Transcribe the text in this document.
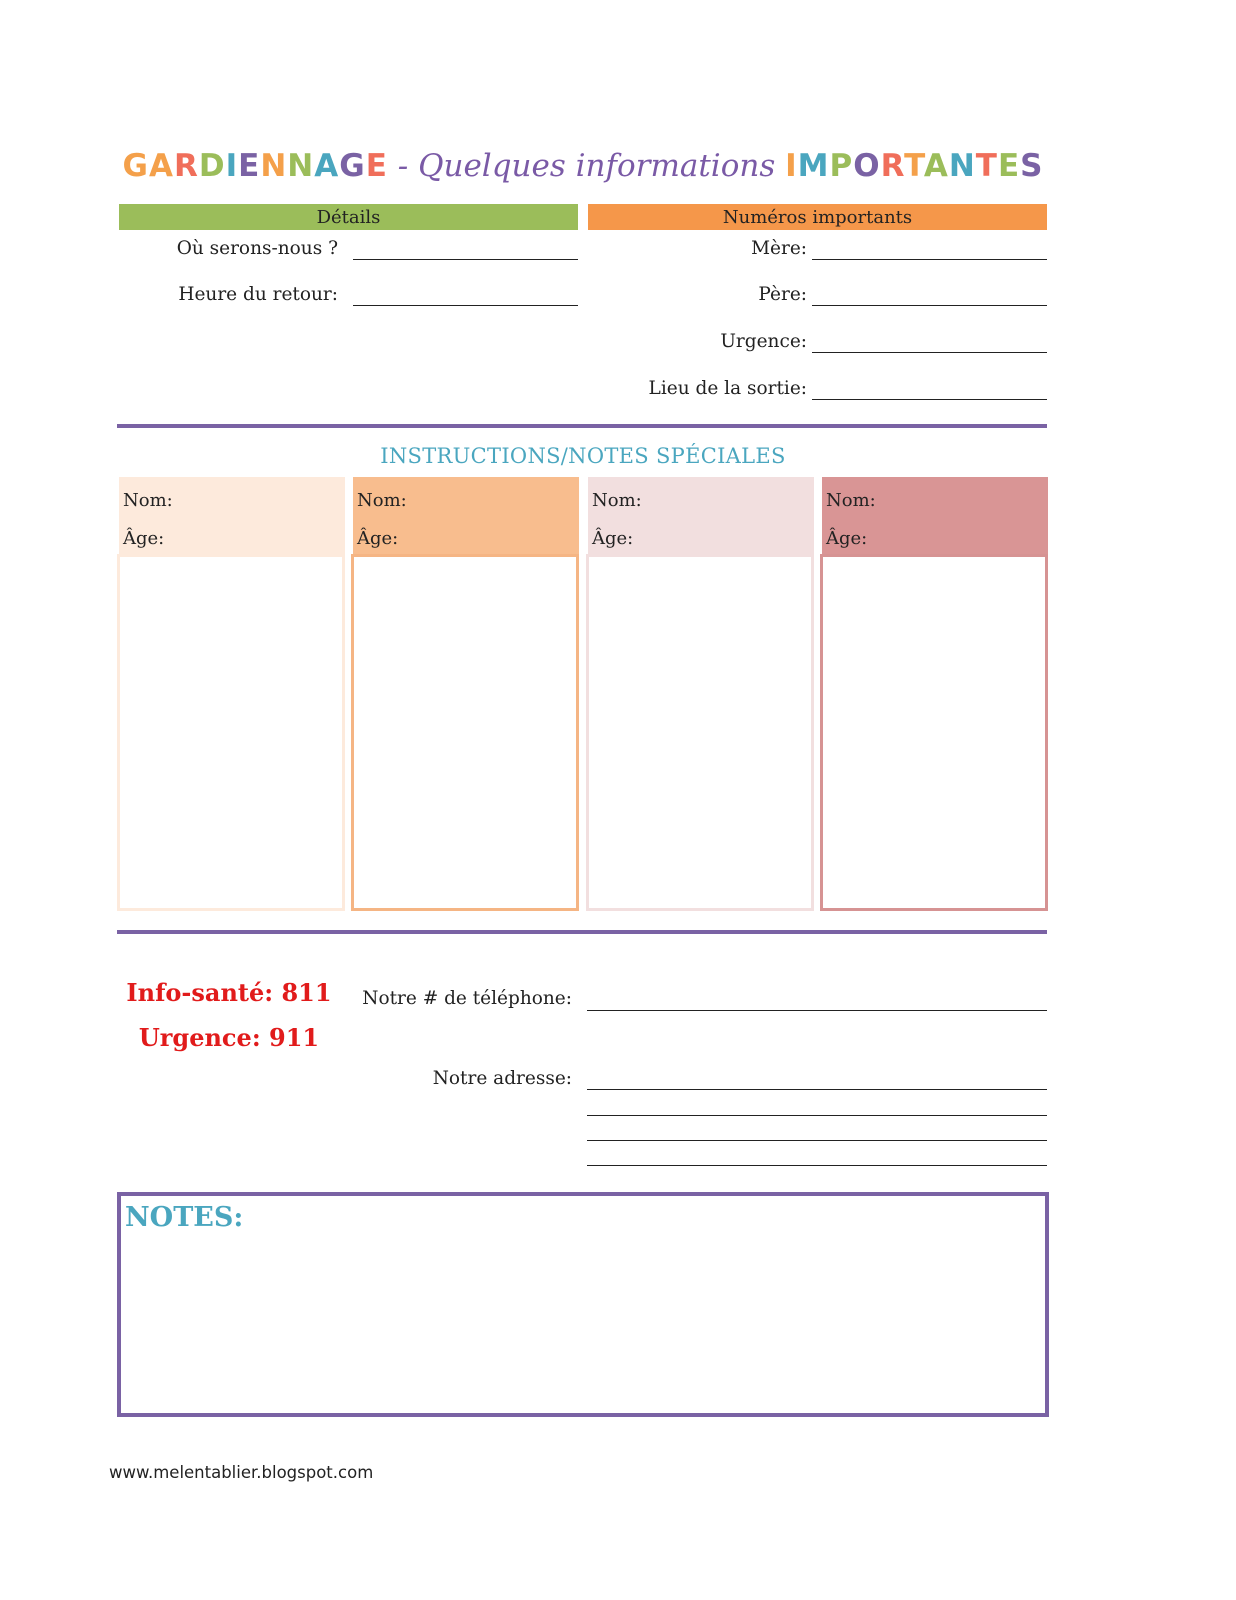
GARDIENNAGE - Quelques informations IMPORTANTES
Détails	Numéros importants
Où serons-nous ?
Heure du retour:
Mère:
Père:
Urgence:
Lieu de la sortie:
INSTRUCTIONS/NOTES SPÉCIALES
Nom:
Âge:
Nom:
Âge:
Nom:
Âge:
Nom:
Âge:
Info-santé: 811
Urgence: 911
Notre # de téléphone:
Notre adresse:
NOTES:
www.melentablier.blogspot.com
